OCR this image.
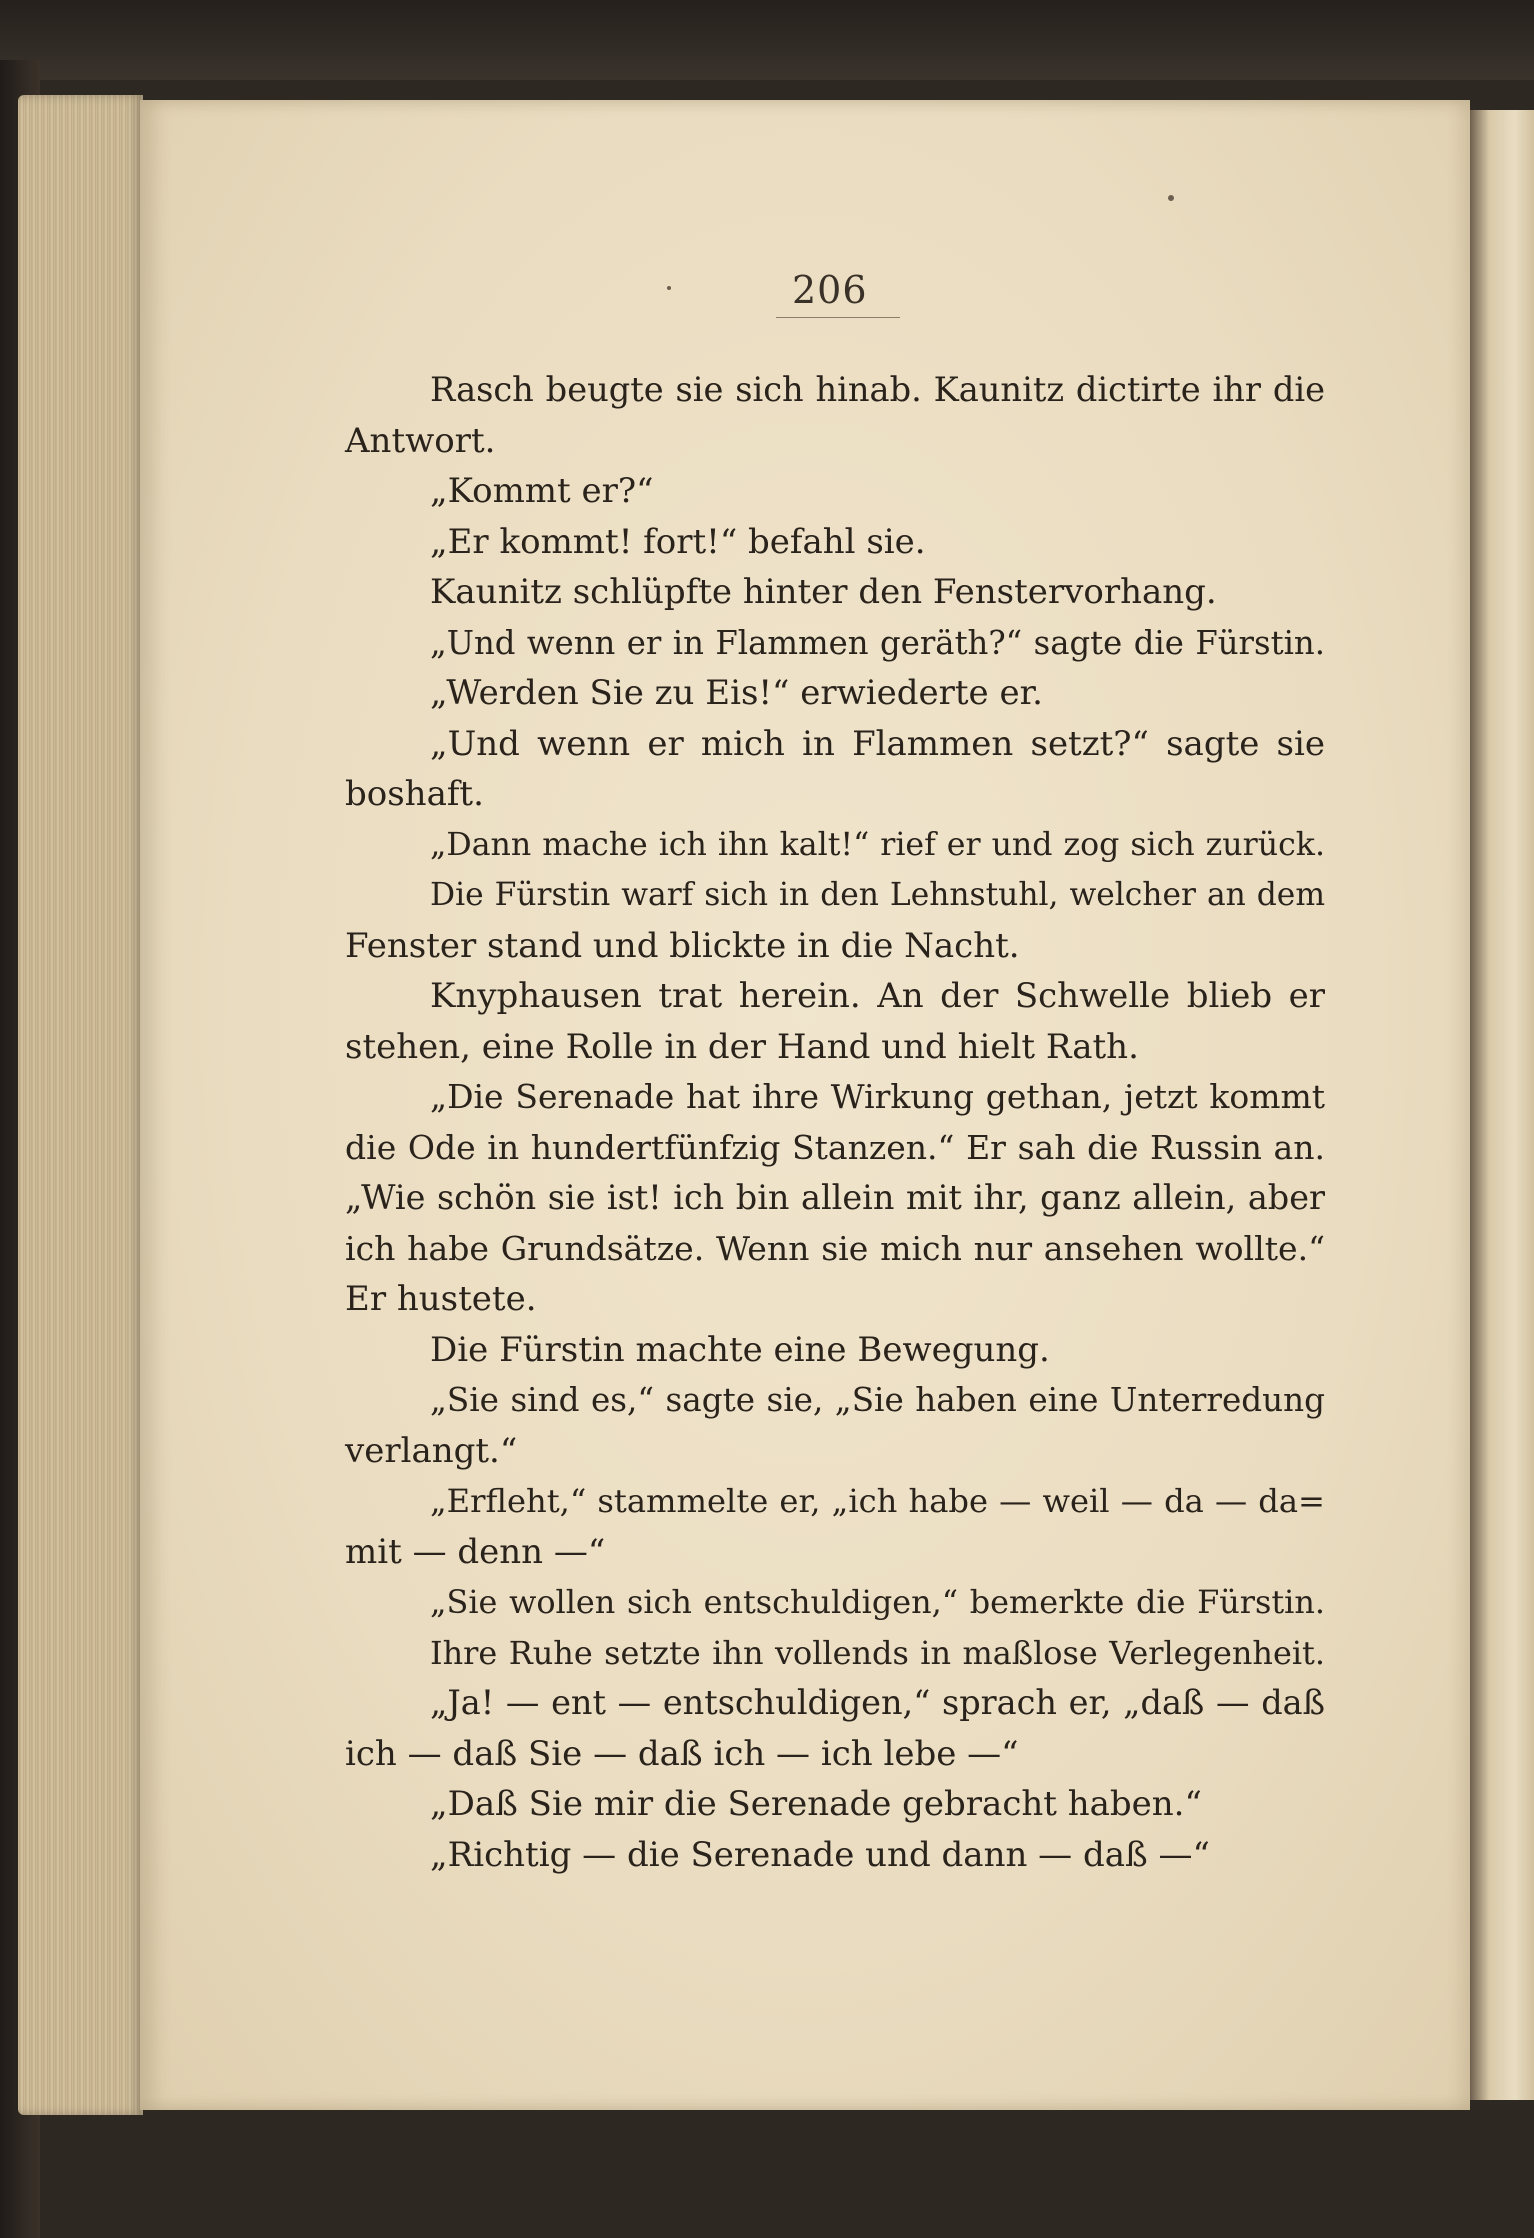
206
Rasch beugte sie sich hinab. Kaunitz dictirte ihr die
Antwort.
„Kommt er?“
„Er kommt! fort!“ befahl sie.
Kaunitz schlüpfte hinter den Fenstervorhang.
„Und wenn er in Flammen geräth?“ sagte die Fürstin.
„Werden Sie zu Eis!“ erwiederte er.
„Und wenn er mich in Flammen setzt?“ sagte sie
boshaft.
„Dann mache ich ihn kalt!“ rief er und zog sich zurück.
Die Fürstin warf sich in den Lehnstuhl, welcher an dem
Fenster stand und blickte in die Nacht.
Knyphausen trat herein. An der Schwelle blieb er
stehen, eine Rolle in der Hand und hielt Rath.
„Die Serenade hat ihre Wirkung gethan, jetzt kommt
die Ode in hundertfünfzig Stanzen.“ Er sah die Russin an.
„Wie schön sie ist! ich bin allein mit ihr, ganz allein, aber
ich habe Grundsätze. Wenn sie mich nur ansehen wollte.“
Er hustete.
Die Fürstin machte eine Bewegung.
„Sie sind es,“ sagte sie, „Sie haben eine Unterredung
verlangt.“
„Erfleht,“ stammelte er, „ich habe — weil — da — da=
mit — denn —“
„Sie wollen sich entschuldigen,“ bemerkte die Fürstin.
Ihre Ruhe setzte ihn vollends in maßlose Verlegenheit.
„Ja! — ent — entschuldigen,“ sprach er, „daß — daß
ich — daß Sie — daß ich — ich lebe —“
„Daß Sie mir die Serenade gebracht haben.“
„Richtig — die Serenade und dann — daß —“
